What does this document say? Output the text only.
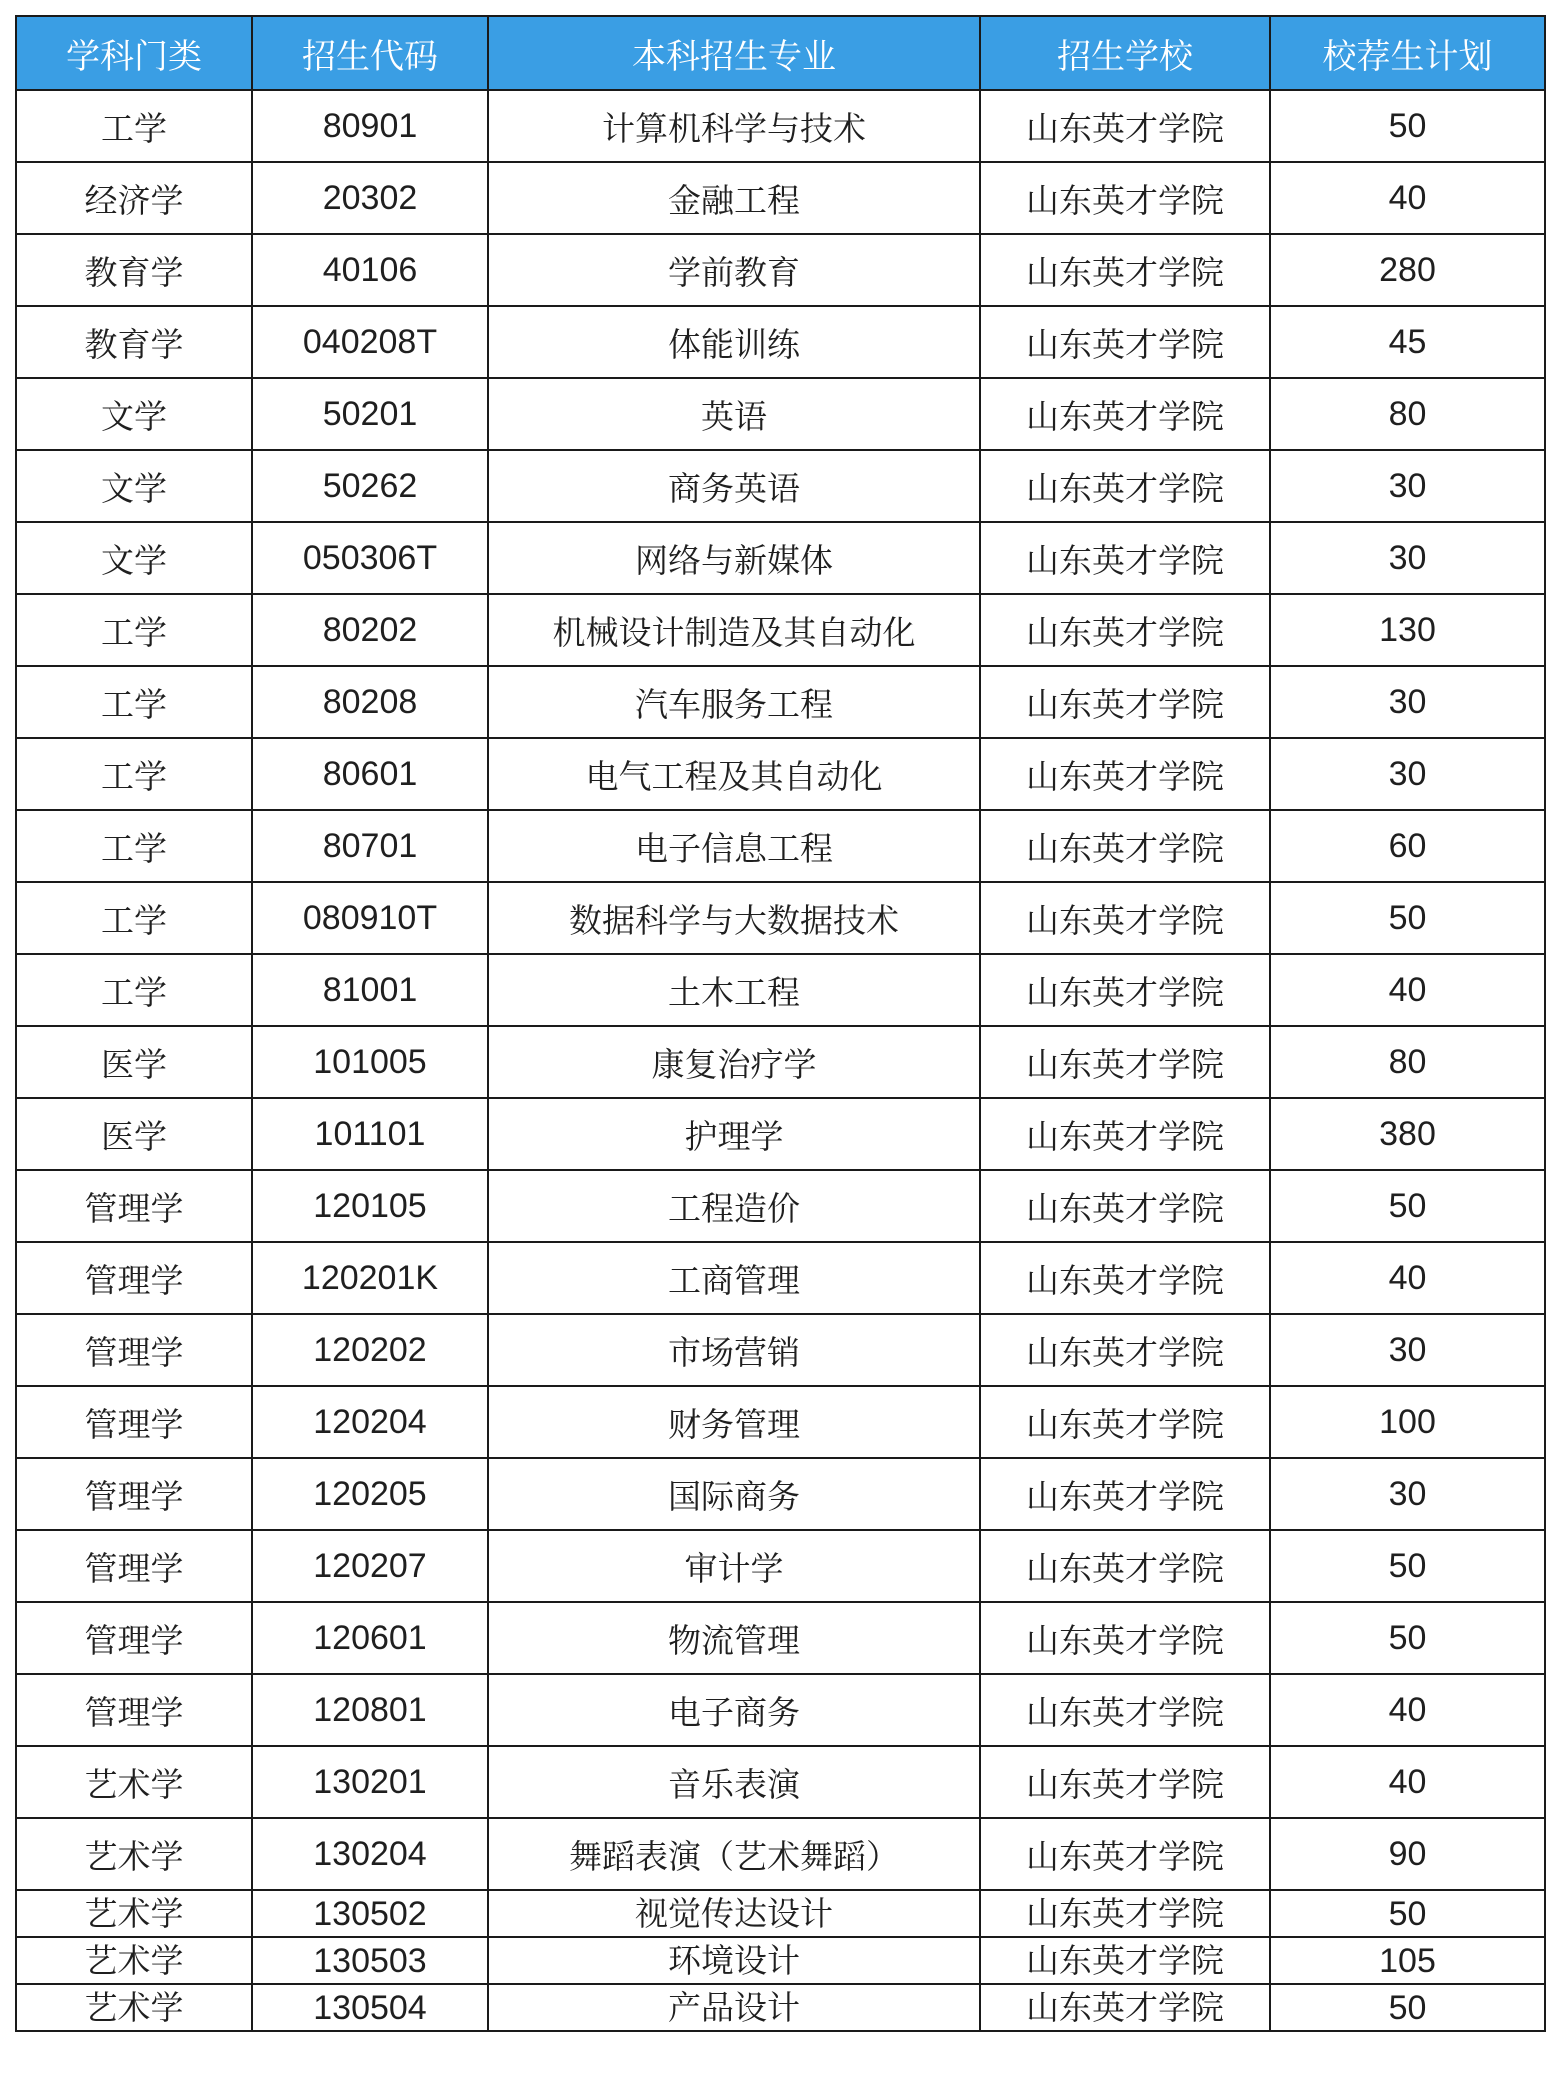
学科门类	招生代码	本科招生专业	招生学校	校荐生计划
工学	80901	计算机科学与技术	山东英才学院	50
经济学	20302	金融工程	山东英才学院	40
教育学	40106	学前教育	山东英才学院	280
教育学	040208T	体能训练	山东英才学院	45
文学	50201	英语	山东英才学院	80
文学	50262	商务英语	山东英才学院	30
文学	050306T	网络与新媒体	山东英才学院	30
工学	80202	机械设计制造及其自动化	山东英才学院	130
工学	80208	汽车服务工程	山东英才学院	30
工学	80601	电气工程及其自动化	山东英才学院	30
工学	80701	电子信息工程	山东英才学院	60
工学	080910T	数据科学与大数据技术	山东英才学院	50
工学	81001	土木工程	山东英才学院	40
医学	101005	康复治疗学	山东英才学院	80
医学	101101	护理学	山东英才学院	380
管理学	120105	工程造价	山东英才学院	50
管理学	120201K	工商管理	山东英才学院	40
管理学	120202	市场营销	山东英才学院	30
管理学	120204	财务管理	山东英才学院	100
管理学	120205	国际商务	山东英才学院	30
管理学	120207	审计学	山东英才学院	50
管理学	120601	物流管理	山东英才学院	50
管理学	120801	电子商务	山东英才学院	40
艺术学	130201	音乐表演	山东英才学院	40
艺术学	130204	舞蹈表演（艺术舞蹈）	山东英才学院	90
艺术学	130502	视觉传达设计	山东英才学院	50
艺术学	130503	环境设计	山东英才学院	105
艺术学	130504	产品设计	山东英才学院	50
